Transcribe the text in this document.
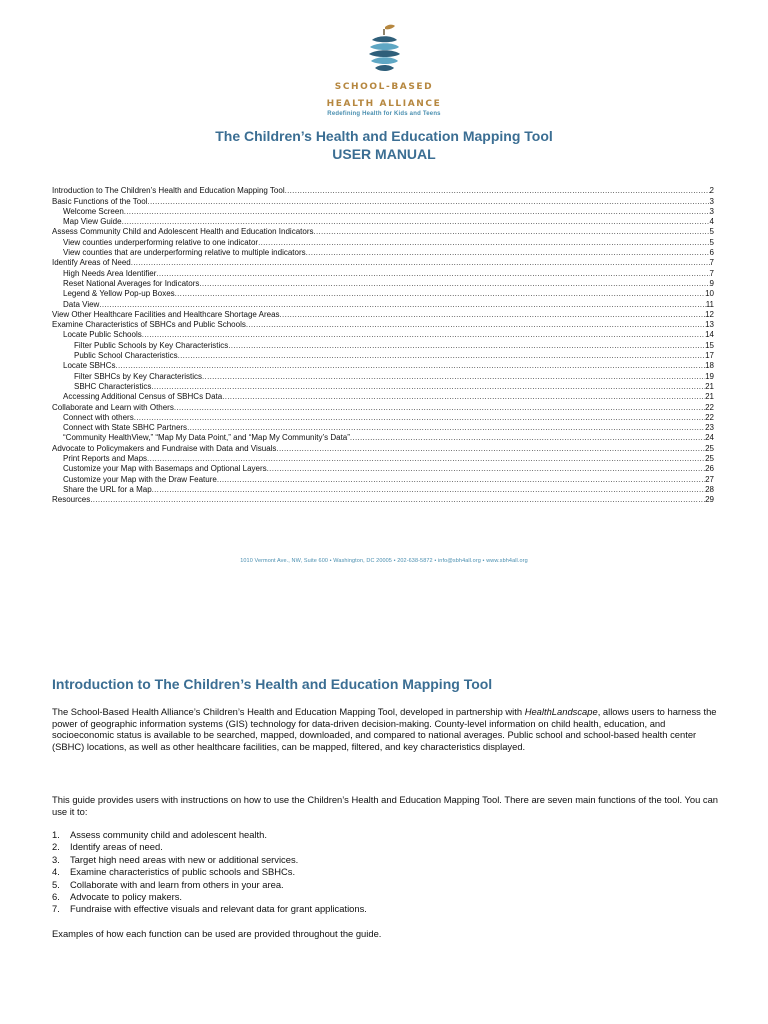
SCHOOL-BASED
HEALTH ALLIANCE
Redefining Health for Kids and Teens
The Children’s Health and Education Mapping Tool
USER MANUAL
Introduction to The Children’s Health and Education Mapping Tool .....	2
Basic Functions of the Tool .....	3
Welcome Screen .....	3
Map View Guide .....	4
Assess Community Child and Adolescent Health and Education Indicators .....	5
View counties underperforming relative to one indicator .....	5
View counties that are underperforming relative to multiple indicators .....	6
Identify Areas of Need .....	7
High Needs Area Identifier .....	7
Reset National Averages for Indicators .....	9
Legend & Yellow Pop-up Boxes .....	10
Data View .....	11
View Other Healthcare Facilities and Healthcare Shortage Areas .....	12
Examine Characteristics of SBHCs and Public Schools .....	13
Locate Public Schools .....	14
Filter Public Schools by Key Characteristics .....	15
Public School Characteristics .....	17
Locate SBHCs .....	18
Filter SBHCs by Key Characteristics .....	19
SBHC Characteristics .....	21
Accessing Additional Census of SBHCs Data .....	21
Collaborate and Learn with Others .....	22
Connect with others .....	22
Connect with State SBHC Partners .....	23
“Community HealthView,” “Map My Data Point,” and “Map My Community’s Data” .....	24
Advocate to Policymakers and Fundraise with Data and Visuals .....	25
Print Reports and Maps .....	25
Customize your Map with Basemaps and Optional Layers .....	26
Customize your Map with the Draw Feature .....	27
Share the URL for a Map .....	28
Resources .....	29
1010 Vermont Ave., NW, Suite 600 • Washington, DC 20005 • 202-638-5872 • info@sbh4all.org • www.sbh4all.org
Introduction to The Children’s Health and Education Mapping Tool
The School-Based Health Alliance’s Children’s Health and Education Mapping Tool, developed in partnership with HealthLandscape, allows users to harness the power of geographic information systems (GIS) technology for data-driven decision-making. County-level information on child health, education, and socioeconomic status is available to be searched, mapped, downloaded, and compared to national averages. Public school and school-based health center (SBHC) locations, as well as other healthcare facilities, can be mapped, filtered, and key characteristics displayed.
This guide provides users with instructions on how to use the Children’s Health and Education Mapping Tool. There are seven main functions of the tool. You can use it to:
1.	Assess community child and adolescent health.
2.	Identify areas of need.
3.	Target high need areas with new or additional services.
4.	Examine characteristics of public schools and SBHCs.
5.	Collaborate with and learn from others in your area.
6.	Advocate to policy makers.
7.	Fundraise with effective visuals and relevant data for grant applications.
Examples of how each function can be used are provided throughout the guide.
